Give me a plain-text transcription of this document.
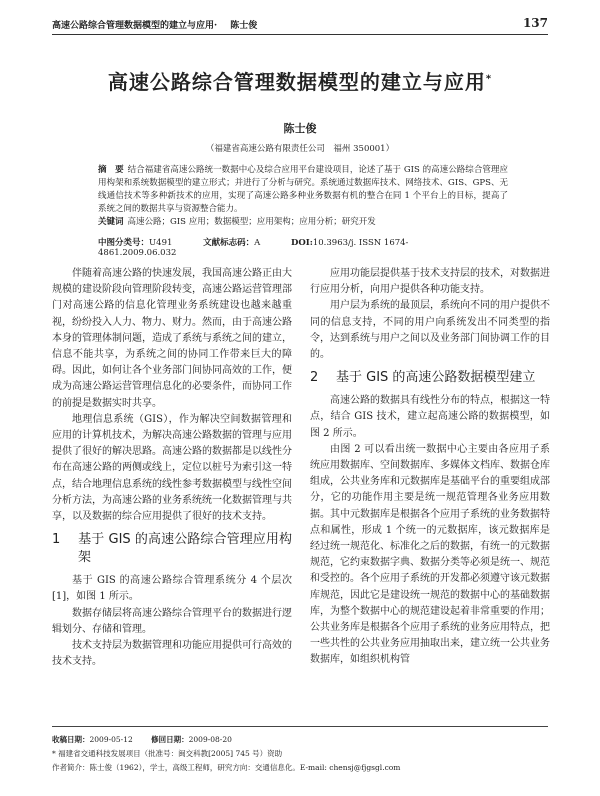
高速公路综合管理数据模型的建立与应用· 陈士俊	137
高速公路综合管理数据模型的建立与应用*
陈士俊
（福建省高速公路有限责任公司　福州 350001）
摘　要 结合福建省高速公路统一数据中心及综合应用平台建设项目，论述了基于 GIS 的高速公路综合管理应用构架和系统数据模型的建立形式；并进行了分析与研究。系统通过数据库技术、网络技术、GIS、GPS、无线通信技术等多种新技术的应用，实现了高速公路多种业务数据有机的整合在同 1 个平台上的目标，提高了系统之间的数据共享与资源整合能力。
关键词 高速公路；GIS 应用；数据模型；应用架构；应用分析；研究开发
中图分类号：U491	文献标志码：A	DOI:10.3963/j. ISSN 1674-4861.2009.06.032

伴随着高速公路的快速发展，我国高速公路正由大规模的建设阶段向管理阶段转变，高速公路运营管理部门对高速公路的信息化管理业务系统建设也越来越重视，纷纷投入人力、物力、财力。然而，由于高速公路本身的管理体制问题，造成了系统与系统之间的建立，信息不能共享，为系统之间的协同工作带来巨大的障碍。因此，如何让各个业务部门间协同高效的工作，便成为高速公路运营管理信息化的必要条件，而协同工作的前提是数据实时共享。

地理信息系统（GIS），作为解决空间数据管理和应用的计算机技术，为解决高速公路数据的管理与应用提供了很好的解决思路。高速公路的数据都是以线性分布在高速公路的两侧或线上，定位以桩号为索引这一特点，结合地理信息系统的线性参考数据模型与线性空间分析方法，为高速公路的业务系统统一化数据管理与共享，以及数据的综合应用提供了很好的技术支持。

1 基于 GIS 的高速公路综合管理应用构架

基于 GIS 的高速公路综合管理系统分 4 个层次[1]，如图 1 所示。

数据存储层将高速公路综合管理平台的数据进行逻辑划分、存储和管理。

技术支持层为数据管理和功能应用提供可行高效的技术支持。

应用功能层提供基于技术支持层的技术，对数据进行应用分析，向用户提供各种功能支持。

用户层为系统的最顶层，系统向不同的用户提供不同的信息支持，不同的用户向系统发出不同类型的指令，达到系统与用户之间以及业务部门间协调工作的目的。

2 基于 GIS 的高速公路数据模型建立

高速公路的数据具有线性分布的特点，根据这一特点，结合 GIS 技术，建立起高速公路的数据模型，如图 2 所示。

由图 2 可以看出统一数据中心主要由各应用子系统应用数据库、空间数据库、多媒体文档库、数据仓库组成，公共业务库和元数据库是基础平台的重要组成部分，它的功能作用主要是统一规范管理各业务应用数据。其中元数据库是根据各个应用子系统的业务数据特点和属性，形成 1 个统一的元数据库，该元数据库是经过统一规范化、标准化之后的数据，有统一的元数据规范，它约束数据字典、数据分类等必须是统一、规范和受控的。各个应用子系统的开发都必须遵守该元数据库规范，因此它是建设统一规范的数据中心的基础数据库，为整个数据中心的规范建设起着非常重要的作用；公共业务库是根据各个应用子系统的业务应用特点，把一些共性的公共业务应用抽取出来，建立统一公共业务数据库，如组织机构管

收稿日期：2009-05-12 修回日期：2009-08-20
* 福建省交通科技发展项目（批准号：闽交科教[2005] 745 号）资助
作者简介：陈士俊（1962），学士，高级工程师，研究方向：交通信息化。E-mail: chensj@fjgsgl.com
